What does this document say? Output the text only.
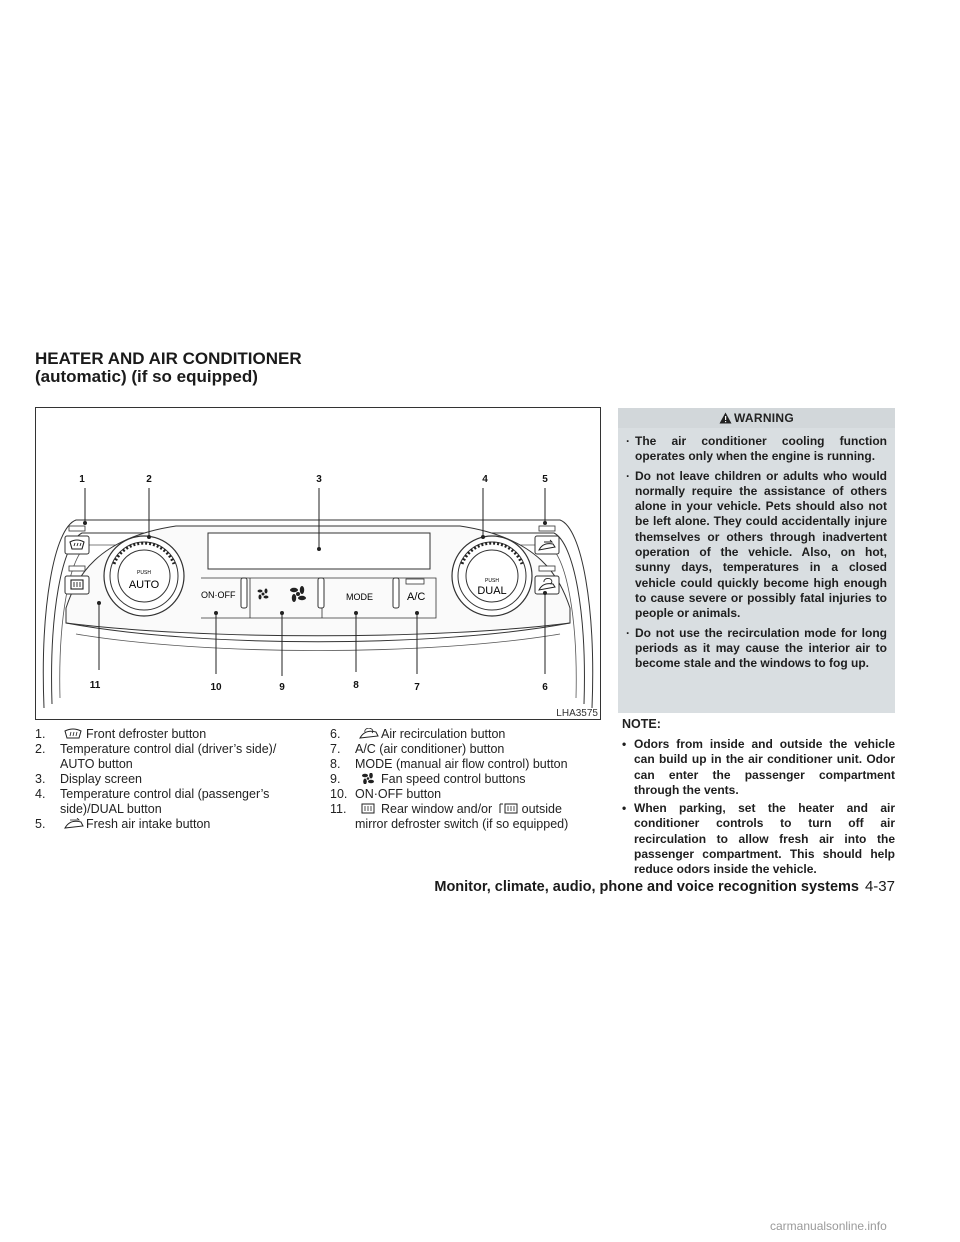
HEATER AND AIR CONDITIONER
(automatic) (if so equipped)
PUSH
AUTO	PUSH
DUAL
ON·OFF	MODE	A/C
1	2	3	4	5
11	10	9	8	7	6
LHA3575
1.	Front defroster button
2. Temperature control dial (driver’s side)/
AUTO button
3. Display screen
4. Temperature control dial (passenger’s
side)/DUAL button
5.	Fresh air intake button
6.	Air recirculation button
7. A/C (air conditioner) button
8. MODE (manual air flow control) button
9.	Fan speed control buttons
10. ON·OFF button
11.	Rear window and/or outside
mirror defroster switch (if so equipped)
WARNING
· The air conditioner cooling function operates only when the engine is running.
· Do not leave children or adults who would normally require the assistance of others alone in your vehicle. Pets should also not be left alone. They could accidentally injure themselves or others through inadvertent operation of the vehicle. Also, on hot, sunny days, temperatures in a closed vehicle could quickly become high enough to cause severe or possibly fatal injuries to people or animals.
· Do not use the recirculation mode for long periods as it may cause the interior air to become stale and the windows to fog up.
NOTE:
• Odors from inside and outside the vehicle can build up in the air conditioner unit. Odor can enter the passenger compartment through the vents.
• When parking, set the heater and air conditioner controls to turn off air recirculation to allow fresh air into the passenger compartment. This should help reduce odors inside the vehicle.
Monitor, climate, audio, phone and voice recognition systems 4-37
carmanualsonline.info
